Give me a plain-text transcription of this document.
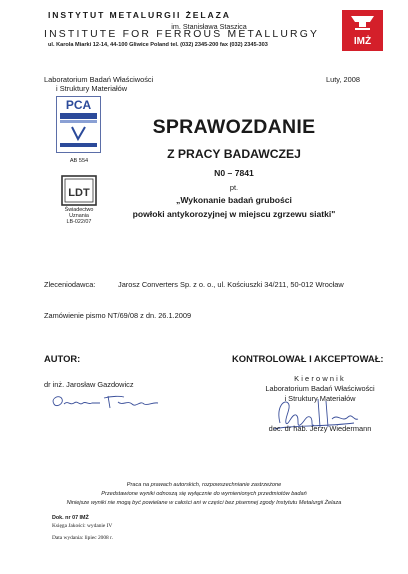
INSTYTUT METALURGII ŻELAZA
im. Stanisława Staszica
INSTITUTE FOR FERROUS METALLURGY
ul. Karola Miarki 12-14, 44-100 Gliwice Poland tel. (032) 2345-200 fax (032) 2345-303	IMŻ
Laboratorium Badań Właściwości
i Struktury Materiałów
Luty, 2008
PCA
AB 554
LDT
Świadectwo
Uznania
LB-022/07
SPRAWOZDANIE
Z PRACY BADAWCZEJ
N0 – 7841
pt.
„Wykonanie badań grubości
powłoki antykorozyjnej w miejscu zgrzewu siatki"
Zleceniodawca:	Jarosz Converters Sp. z o. o., ul. Kościuszki 34/211, 50-012 Wrocław
Zamówienie pismo NT/69/08 z dn. 26.1.2009
AUTOR:
dr inż. Jarosław Gazdowicz
KONTROLOWAŁ I AKCEPTOWAŁ:
Kierownik
Laboratorium Badań Właściwości
i Struktury Materiałów
doc. dr hab. Jerzy Wiedermann
Praca na prawach autorskich, rozpowszechnianie zastrzeżone
Przedstawione wyniki odnoszą się wyłącznie do wymienionych przedmiotów badań
Niniejsze wyniki nie mogą być powielane w całości ani w części bez pisemnej zgody Instytutu Metalurgii Żelaza
Dok. nr 07 IMŻ
Księga Jakości: wydanie IV
Data wydania: lipiec 2008 r.
